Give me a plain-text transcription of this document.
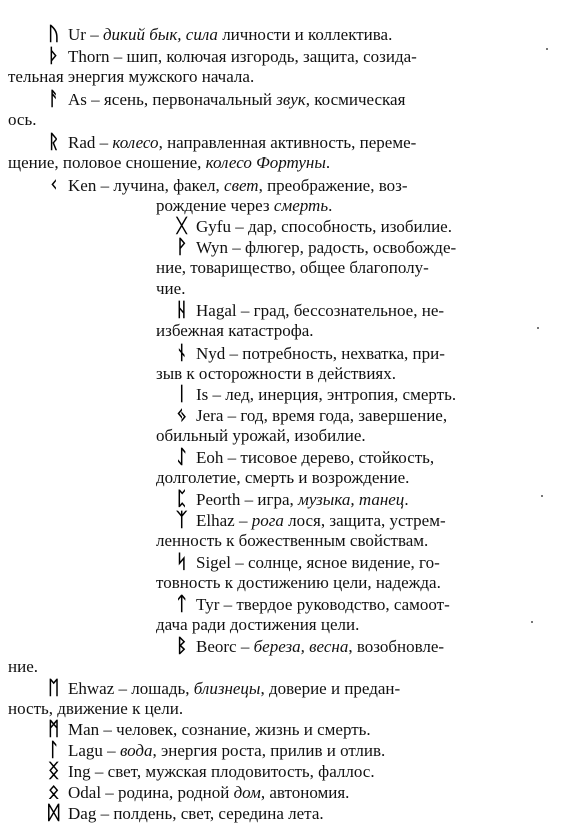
ᚢ Ur – дикий бык, сила личности и коллектива.
ᚦ Thorn – шип, колючая изгородь, защита, созида-
тельная энергия мужского начала.
ᚨ As – ясень, первоначальный звук, космическая
ось.
ᚱ Rad – колесо, направленная активность, переме-
щение, половое сношение, колесо Фортуны.
ᚲ Ken – лучина, факел, свет, преображение, воз-
рождение через смерть.
ᚷ Gyfu – дар, способность, изобилие.
ᚹ Wyn – флюгер, радость, освобожде-
ние, товарищество, общее благополу-
чие.
ᚺ Hagal – град, бессознательное, не-
избежная катастрофа.
ᚾ Nyd – потребность, нехватка, при-
зыв к осторожности в действиях.
ᛁ Is – лед, инерция, энтропия, смерть.
ᛃ Jera – год, время года, завершение,
обильный урожай, изобилие.
ᛇ Eoh – тисовое дерево, стойкость,
долголетие, смерть и возрождение.
ᛈ Peorth – игра, музыка, танец.
ᛉ Elhaz – рога лося, защита, устрем-
ленность к божественным свойствам.
ᛋ Sigel – солнце, ясное видение, го-
товность к достижению цели, надежда.
ᛏ Tyr – твердое руководство, самоот-
дача ради достижения цели.
ᛒ Beorc – береза, весна, возобновле-
ние.
ᛖ Ehwaz – лошадь, близнецы, доверие и предан-
ность, движение к цели.
ᛗ Man – человек, сознание, жизнь и смерть.
ᛚ Lagu – вода, энергия роста, прилив и отлив.
ᛝ Ing – свет, мужская плодовитость, фаллос.
ᛟ Odal – родина, родной дом, автономия.
ᛞ Dag – полдень, свет, середина лета.
